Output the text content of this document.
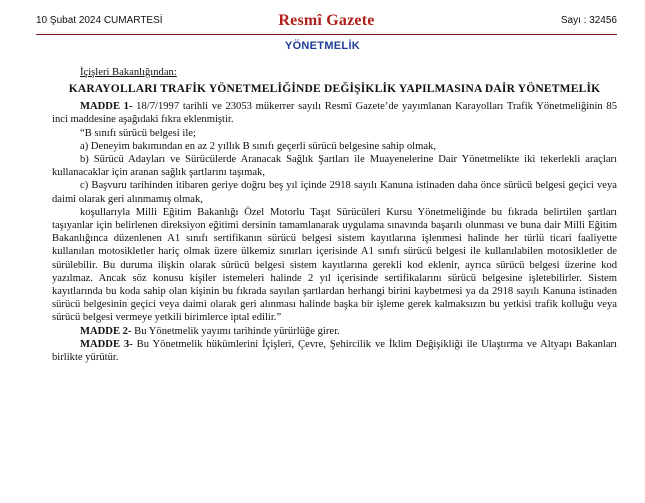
10 Şubat 2024 CUMARTESİ	Resmî Gazete	Sayı : 32456
YÖNETMELİK

İçişleri Bakanlığından:

KARAYOLLARI TRAFİK YÖNETMELİĞİNDE DEĞİŞİKLİK YAPILMASINA DAİR YÖNETMELİK

MADDE 1- 18/7/1997 tarihli ve 23053 mükerrer sayılı Resmî Gazete’de yayımlanan Karayolları Trafik Yönetmeliğinin 85 inci maddesine aşağıdaki fıkra eklenmiştir.

“B sınıfı sürücü belgesi ile;

a) Deneyim bakımından en az 2 yıllık B sınıfı geçerli sürücü belgesine sahip olmak,

b) Sürücü Adayları ve Sürücülerde Aranacak Sağlık Şartları ile Muayenelerine Dair Yönetmelikte iki tekerlekli araçları kullanacaklar için aranan sağlık şartlarını taşımak,

c) Başvuru tarihinden itibaren geriye doğru beş yıl içinde 2918 sayılı Kanuna istinaden daha önce sürücü belgesi geçici veya daimi olarak geri alınmamış olmak,

koşullarıyla Milli Eğitim Bakanlığı Özel Motorlu Taşıt Sürücüleri Kursu Yönetmeliğinde bu fıkrada belirtilen şartları taşıyanlar için belirlenen direksiyon eğitimi dersinin tamamlanarak uygulama sınavında başarılı olunması ve buna dair Milli Eğitim Bakanlığınca düzenlenen A1 sınıfı sertifikanın sürücü belgesi sistem kayıtlarına işlenmesi halinde her türlü ticari faaliyette kullanılan motosikletler hariç olmak üzere ülkemiz sınırları içerisinde A1 sınıfı sürücü belgesi ile kullanılabilen motosikletler de sürülebilir. Bu duruma ilişkin olarak sürücü belgesi sistem kayıtlarına gerekli kod eklenir, ayrıca sürücü belgesi üzerine kod yazılmaz. Ancak söz konusu kişiler istemeleri halinde 2 yıl içerisinde sertifikalarını sürücü belgesine işletebilirler. Sistem kayıtlarında bu koda sahip olan kişinin bu fıkrada sayılan şartlardan herhangi birini kaybetmesi ya da 2918 sayılı Kanuna istinaden sürücü belgesinin geçici veya daimi olarak geri alınması halinde başka bir işleme gerek kalmaksızın bu yetkisi trafik kolluğu veya sürücü belgesi vermeye yetkili birimlerce iptal edilir.”

MADDE 2- Bu Yönetmelik yayımı tarihinde yürürlüğe girer.

MADDE 3- Bu Yönetmelik hükümlerini İçişleri, Çevre, Şehircilik ve İklim Değişikliği ile Ulaştırma ve Altyapı Bakanları birlikte yürütür.
